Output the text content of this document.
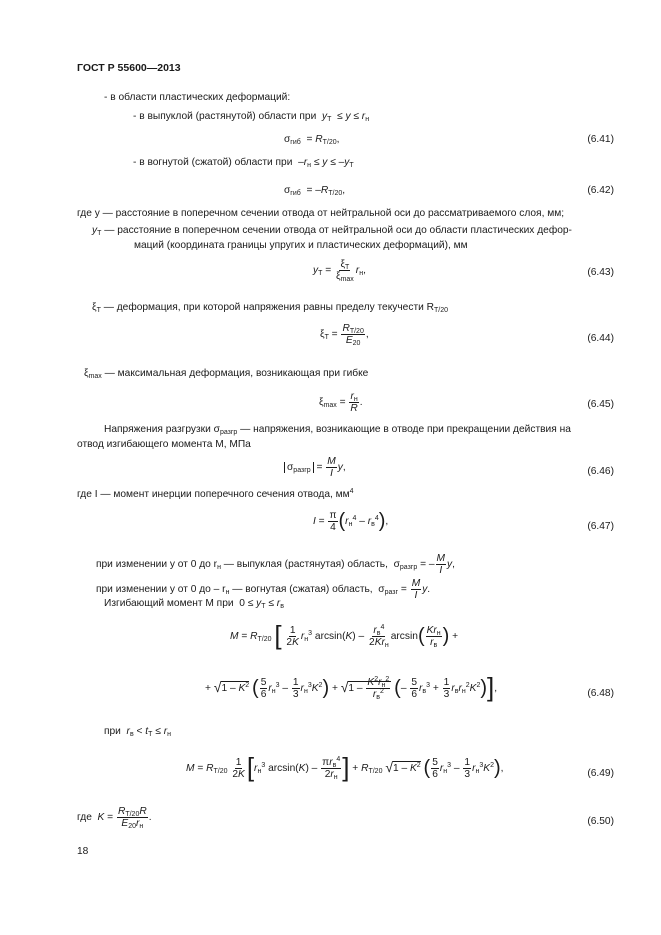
ГОСТ Р 55600—2013
- в области пластических деформаций:
- в выпуклой (растянутой) области при $y_Т \le y \le r_н$
$\sigma_{гиб} = R_{Т/20}$,	(6.41)
- в вогнутой (сжатой) области при  $-r_н \le y \le -y_Т$
$\sigma_{гиб} = -R_{Т/20}$,	(6.42)
где y — расстояние в поперечном сечении отвода от нейтральной оси до рассматриваемого слоя, мм;
$y_Т$ — расстояние в поперечном сечении отвода от нейтральной оси до области пластических дефор-
маций (координата границы упругих и пластических деформаций), мм
$y_Т = \frac{\xi_Т}{\xi_{max}} r_н$,	(6.43)
$\xi_Т$ — деформация, при которой напряжения равны пределу текучести $R_{Т/20}$
$\xi_Т = \frac{R_{Т/20}}{E_{20}}$ ,	(6.44)
$\xi_{max}$ — максимальная деформация, возникающая при гибке
$\xi_{max} = \frac{r_н}{R}$ .	(6.45)
Напряжения разгрузки $\sigma_{разгр}$ — напряжения, возникающие в отводе при прекращении действия на
отвод изгибающего момента M, МПа
$\sigma_{разгр} = \frac{M}{I} y$,	(6.46)
где I — момент инерции поперечного сечения отвода, $мм^4$
$I = \frac{\pi}{4} (r_н^4 - r_в^4)$,	(6.47)
при изменении y от 0 до $r_н$ — выпуклая (растянутая) область,  $\sigma_{разгр}$ = – $\frac{M}{I} y$,
при изменении y от 0 до – $r_н$ — вогнутая (сжатая) область,  $\sigma_{разг} = \frac{M}{I} y$.
Изгибающий момент M при  $0 \le y_Т \le r_в$
$M = R_{Т/20}$ [ $\frac{1}{2K} r_н^3$ $\arcsin(K) - \frac{r_в^4}{2Kr_н} \arcsin( \frac{Kr_н}{r_в}$ ) +
+ $√1 - K^2$ ( $\frac{5}{6} r_н^3 - \frac{1}{3} r_н^3K^2) + √1 - \frac{K^2r_н^2}{r_в^2}$ (– $\frac{5}{6} r_в^3 + \frac{1}{3} r_вr_н^2K^2$)],	(6.48)
при $r_в < t_Т \le r_н$
$M = R_{Т/20} \frac{1}{2K} [r_н^3$ $\arcsin(K) - \frac{\pi r_в^4}{2r_н}$ ] + $R_{Т/20}$ $√1 - K^2$ ( $\frac{5}{6} r_н^3 - \frac{1}{3} r_н^3K^2$),	(6.49)
где $K = \frac{R_{Т/20}R}{E_{20}r_н}$ .	(6.50)
18
